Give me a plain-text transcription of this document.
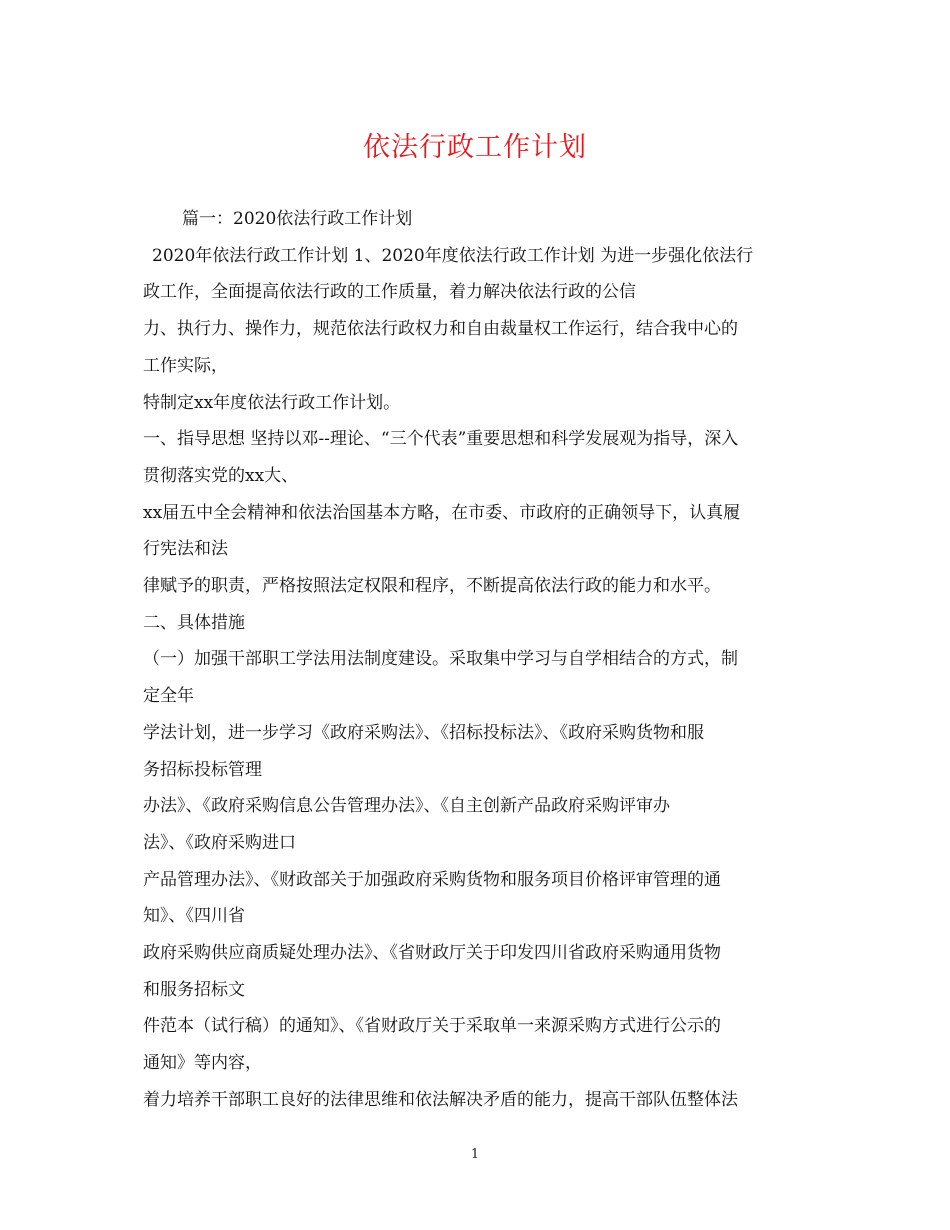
依法行政工作计划

篇一：2020依法行政工作计划

2020年依法行政工作计划 1、2020年度依法行政工作计划 为进一步强化依法行

政工作，全面提高依法行政的工作质量，着力解决依法行政的公信

力、执行力、操作力，规范依法行政权力和自由裁量权工作运行，结合我中心的

工作实际，

特制定xx年度依法行政工作计划。

一、指导思想 坚持以邓--理论、“三个代表”重要思想和科学发展观为指导，深入

贯彻落实党的xx大、

xx届五中全会精神和依法治国基本方略，在市委、市政府的正确领导下，认真履

行宪法和法

律赋予的职责，严格按照法定权限和程序，不断提高依法行政的能力和水平。

二、具体措施

（一）加强干部职工学法用法制度建设。采取集中学习与自学相结合的方式，制

定全年

学法计划，进一步学习《政府采购法》、《招标投标法》、《政府采购货物和服

务招标投标管理

办法》、《政府采购信息公告管理办法》、《自主创新产品政府采购评审办

法》、《政府采购进口

产品管理办法》、《财政部关于加强政府采购货物和服务项目价格评审管理的通

知》、《四川省

政府采购供应商质疑处理办法》、《省财政厅关于印发四川省政府采购通用货物

和服务招标文

件范本（试行稿）的通知》、《省财政厅关于采取单一来源采购方式进行公示的

通知》等内容，

着力培养干部职工良好的法律思维和依法解决矛盾的能力，提高干部队伍整体法

1
